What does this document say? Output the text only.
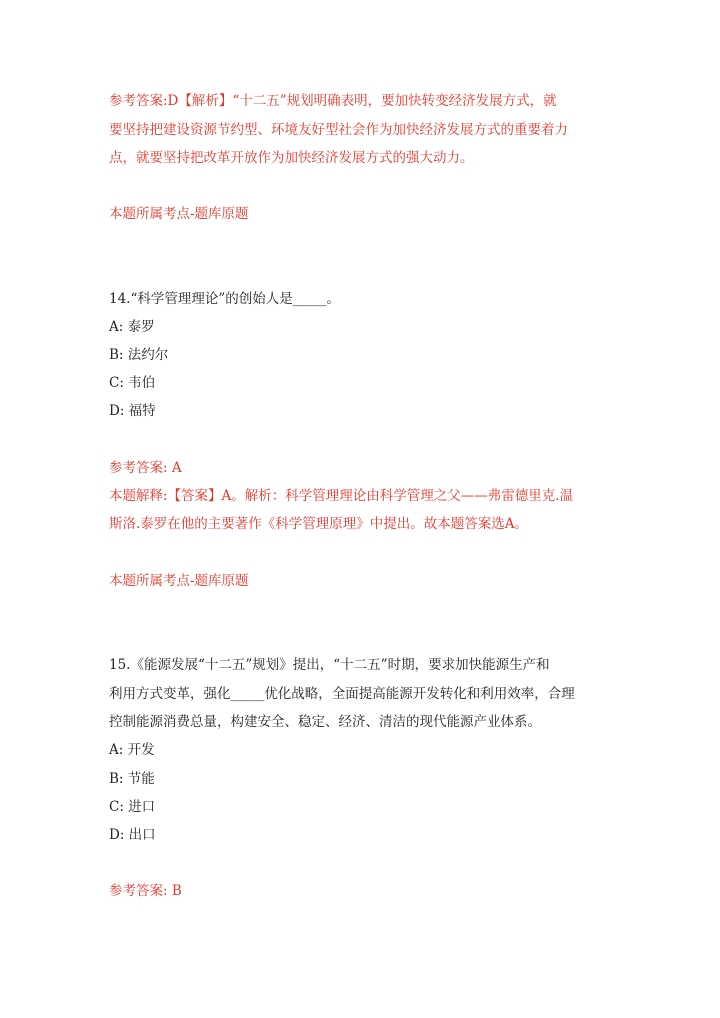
参考答案:D【解析】“十二五”规划明确表明，要加快转变经济发展方式，就
要坚持把建设资源节约型、环境友好型社会作为加快经济发展方式的重要着力
点，就要坚持把改革开放作为加快经济发展方式的强大动力。
本题所属考点-题库原题
14.“科学管理理论”的创始人是_____。
A: 泰罗
B: 法约尔
C: 韦伯
D: 福特
参考答案: A
本题解释:【答案】A。解析：科学管理理论由科学管理之父——弗雷德里克.温
斯洛.泰罗在他的主要著作《科学管理原理》中提出。故本题答案选A。
本题所属考点-题库原题
15.《能源发展“十二五”规划》提出，“十二五”时期，要求加快能源生产和
利用方式变革，强化_____优化战略，全面提高能源开发转化和利用效率，合理
控制能源消费总量，构建安全、稳定、经济、清洁的现代能源产业体系。
A: 开发
B: 节能
C: 进口
D: 出口
参考答案: B
